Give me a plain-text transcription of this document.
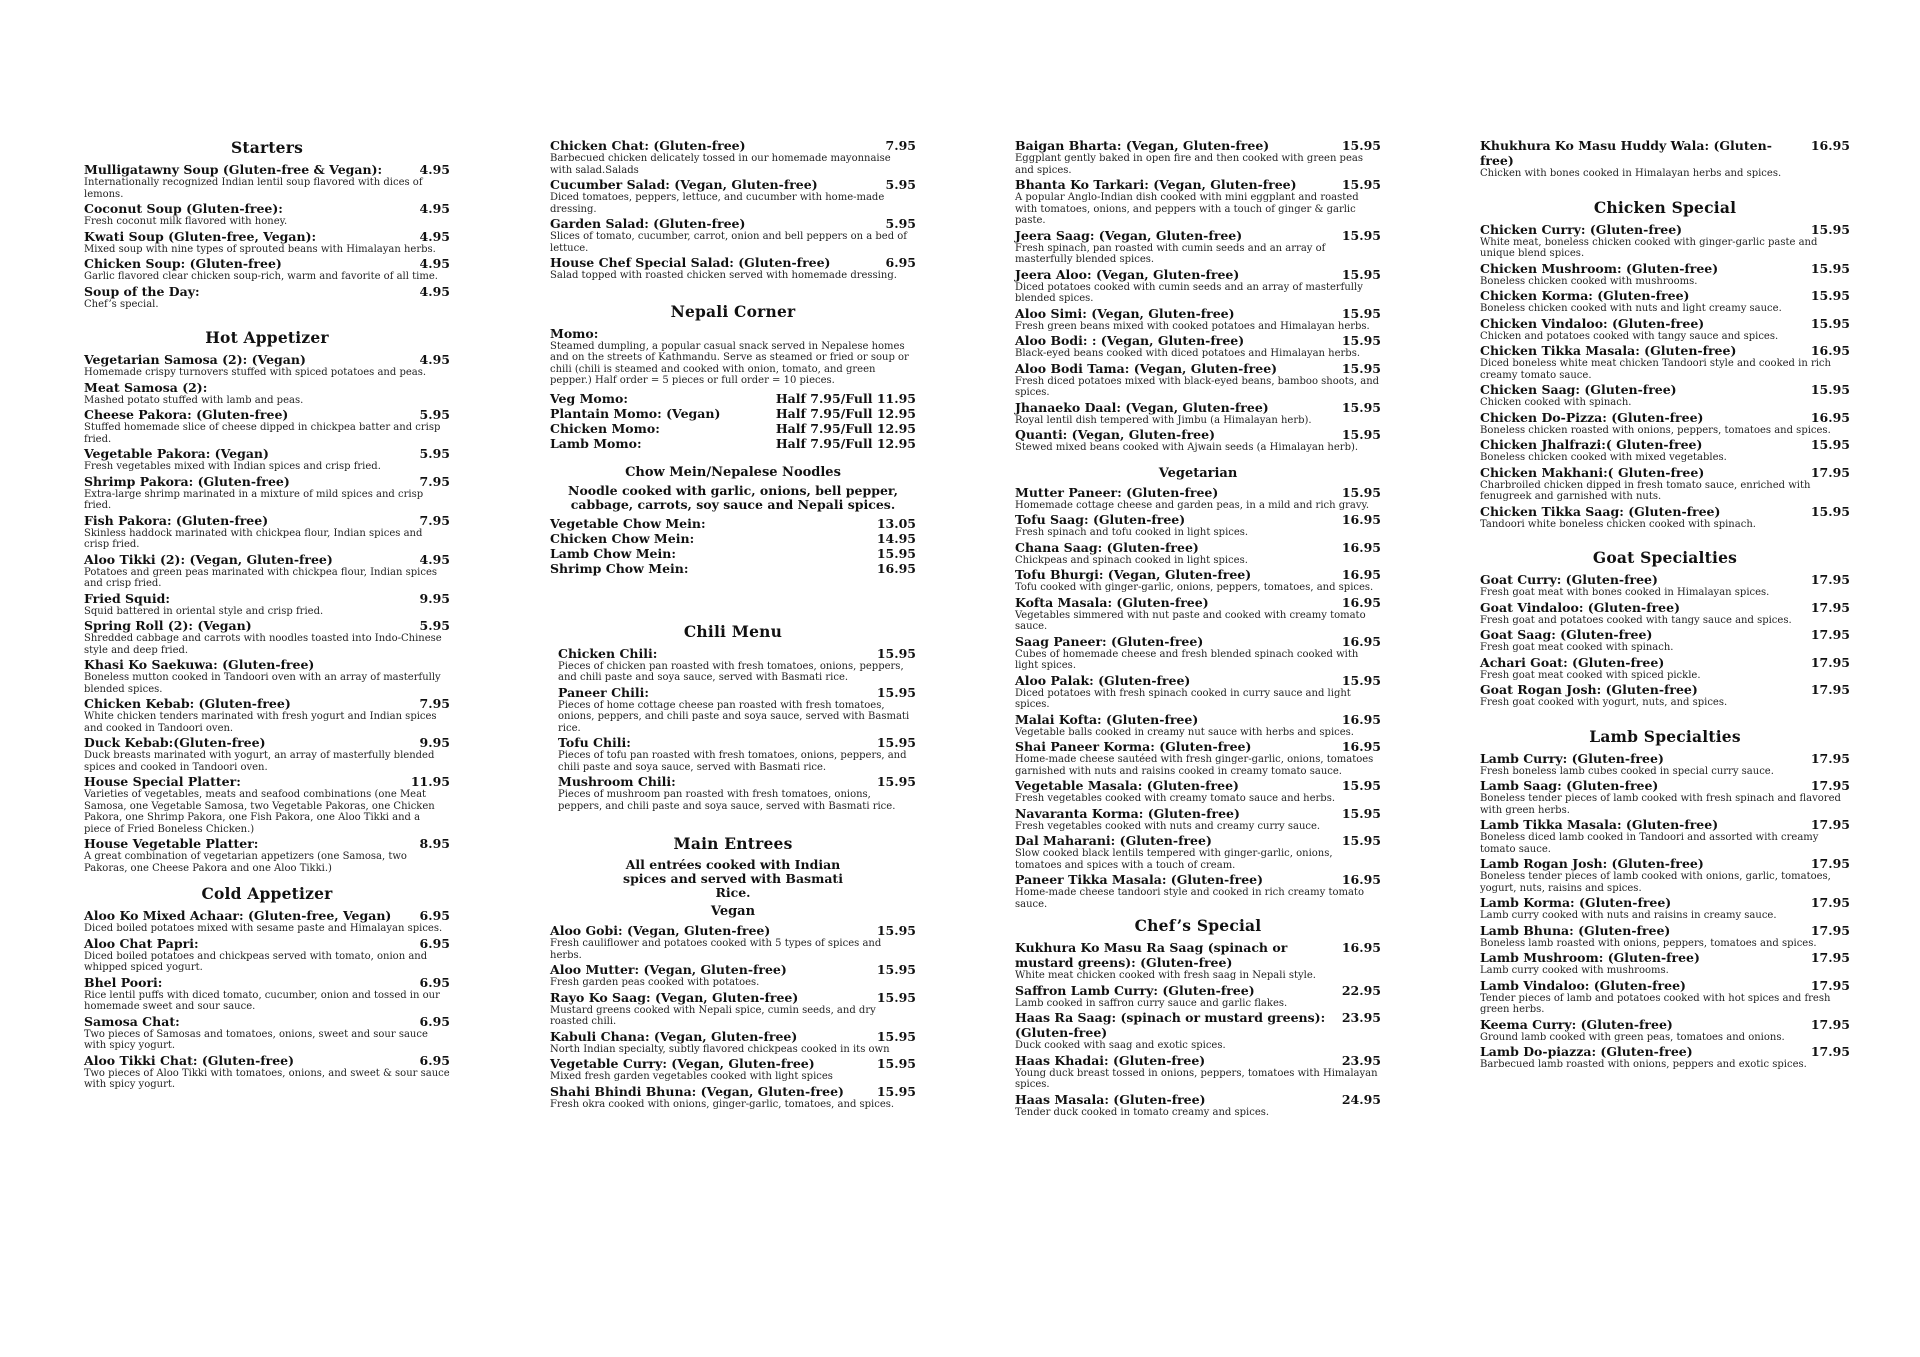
Starters
Mulligatawny Soup (Gluten-free & Vegan):	4.95
Internationally recognized Indian lentil soup flavored with dices of lemons.
Coconut Soup (Gluten-free):	4.95
Fresh coconut milk flavored with honey.
Kwati Soup (Gluten-free, Vegan):	4.95
Mixed soup with nine types of sprouted beans with Himalayan herbs.
Chicken Soup: (Gluten-free)	4.95
Garlic flavored clear chicken soup-rich, warm and favorite of all time.
Soup of the Day:	4.95
Chef’s special.
Hot Appetizer
Vegetarian Samosa (2): (Vegan)	4.95
Homemade crispy turnovers stuffed with spiced potatoes and peas.
Meat Samosa (2):
Mashed potato stuffed with lamb and peas.
Cheese Pakora: (Gluten-free)	5.95
Stuffed homemade slice of cheese dipped in chickpea batter and crisp fried.
Vegetable Pakora: (Vegan)	5.95
Fresh vegetables mixed with Indian spices and crisp fried.
Shrimp Pakora: (Gluten-free)	7.95
Extra-large shrimp marinated in a mixture of mild spices and crisp fried.
Fish Pakora: (Gluten-free)	7.95
Skinless haddock marinated with chickpea flour, Indian spices and crisp fried.
Aloo Tikki (2): (Vegan, Gluten-free)	4.95
Potatoes and green peas marinated with chickpea flour, Indian spices and crisp fried.
Fried Squid:	9.95
Squid battered in oriental style and crisp fried.
Spring Roll (2): (Vegan)	5.95
Shredded cabbage and carrots with noodles toasted into Indo-Chinese style and deep fried.
Khasi Ko Saekuwa: (Gluten-free)
Boneless mutton cooked in Tandoori oven with an array of masterfully blended spices.
Chicken Kebab: (Gluten-free)	7.95
White chicken tenders marinated with fresh yogurt and Indian spices and cooked in Tandoori oven.
Duck Kebab:(Gluten-free)	9.95
Duck breasts marinated with yogurt, an array of masterfully blended spices and cooked in Tandoori oven.
House Special Platter:	11.95
Varieties of vegetables, meats and seafood combinations (one Meat Samosa, one Vegetable Samosa, two Vegetable Pakoras, one Chicken Pakora, one Shrimp Pakora, one Fish Pakora, one Aloo Tikki and a piece of Fried Boneless Chicken.)
House Vegetable Platter:	8.95
A great combination of vegetarian appetizers (one Samosa, two Pakoras, one Cheese Pakora and one Aloo Tikki.)
Cold Appetizer
Aloo Ko Mixed Achaar: (Gluten-free, Vegan)	6.95
Diced boiled potatoes mixed with sesame paste and Himalayan spices.
Aloo Chat Papri:	6.95
Diced boiled potatoes and chickpeas served with tomato, onion and whipped spiced yogurt.
Bhel Poori:	6.95
Rice lentil puffs with diced tomato, cucumber, onion and tossed in our homemade sweet and sour sauce.
Samosa Chat:	6.95
Two pieces of Samosas and tomatoes, onions, sweet and sour sauce with spicy yogurt.
Aloo Tikki Chat: (Gluten-free)	6.95
Two pieces of Aloo Tikki with tomatoes, onions, and sweet & sour sauce with spicy yogurt.
Chicken Chat: (Gluten-free)	7.95
Barbecued chicken delicately tossed in our homemade mayonnaise with salad.Salads
Cucumber Salad: (Vegan, Gluten-free)	5.95
Diced tomatoes, peppers, lettuce, and cucumber with home-made dressing.
Garden Salad: (Gluten-free)	5.95
Slices of tomato, cucumber, carrot, onion and bell peppers on a bed of lettuce.
House Chef Special Salad: (Gluten-free)	6.95
Salad topped with roasted chicken served with homemade dressing.
Nepali Corner
Momo:
Steamed dumpling, a popular casual snack served in Nepalese homes and on the streets of Kathmandu. Serve as steamed or fried or soup or chili (chili is steamed and cooked with onion, tomato, and green pepper.) Half order = 5 pieces or full order = 10 pieces.
Veg Momo:	Half 7.95/Full 11.95
Plantain Momo: (Vegan)	Half 7.95/Full 12.95
Chicken Momo:	Half 7.95/Full 12.95
Lamb Momo:	Half 7.95/Full 12.95
Chow Mein/Nepalese Noodles
Noodle cooked with garlic, onions, bell pepper, cabbage, carrots, soy sauce and Nepali spices.
Vegetable Chow Mein:	13.05
Chicken Chow Mein:	14.95
Lamb Chow Mein:	15.95
Shrimp Chow Mein:	16.95
Chili Menu
Chicken Chili:	15.95
Pieces of chicken pan roasted with fresh tomatoes, onions, peppers, and chili paste and soya sauce, served with Basmati rice.
Paneer Chili:	15.95
Pieces of home cottage cheese pan roasted with fresh tomatoes, onions, peppers, and chili paste and soya sauce, served with Basmati rice.
Tofu Chili:	15.95
Pieces of tofu pan roasted with fresh tomatoes, onions, peppers, and chili paste and soya sauce, served with Basmati rice.
Mushroom Chili:	15.95
Pieces of mushroom pan roasted with fresh tomatoes, onions, peppers, and chili paste and soya sauce, served with Basmati rice.
Main Entrees
All entrées cooked with Indian spices and served with Basmati Rice.
Vegan
Aloo Gobi: (Vegan, Gluten-free)	15.95
Fresh cauliflower and potatoes cooked with 5 types of spices and herbs.
Aloo Mutter: (Vegan, Gluten-free)	15.95
Fresh garden peas cooked with potatoes.
Rayo Ko Saag: (Vegan, Gluten-free)	15.95
Mustard greens cooked with Nepali spice, cumin seeds, and dry roasted chili.
Kabuli Chana: (Vegan, Gluten-free)	15.95
North Indian specialty, subtly flavored chickpeas cooked in its own
Vegetable Curry: (Vegan, Gluten-free)	15.95
Mixed fresh garden vegetables cooked with light spices
Shahi Bhindi Bhuna: (Vegan, Gluten-free)	15.95
Fresh okra cooked with onions, ginger-garlic, tomatoes, and spices.
Baigan Bharta: (Vegan, Gluten-free)	15.95
Eggplant gently baked in open fire and then cooked with green peas and spices.
Bhanta Ko Tarkari: (Vegan, Gluten-free)	15.95
A popular Anglo-Indian dish cooked with mini eggplant and roasted with tomatoes, onions, and peppers with a touch of ginger & garlic paste.
Jeera Saag: (Vegan, Gluten-free)	15.95
Fresh spinach, pan roasted with cumin seeds and an array of masterfully blended spices.
Jeera Aloo: (Vegan, Gluten-free)	15.95
Diced potatoes cooked with cumin seeds and an array of masterfully blended spices.
Aloo Simi: (Vegan, Gluten-free)	15.95
Fresh green beans mixed with cooked potatoes and Himalayan herbs.
Aloo Bodi: : (Vegan, Gluten-free)	15.95
Black-eyed beans cooked with diced potatoes and Himalayan herbs.
Aloo Bodi Tama: (Vegan, Gluten-free)	15.95
Fresh diced potatoes mixed with black-eyed beans, bamboo shoots, and spices.
Jhanaeko Daal: (Vegan, Gluten-free)	15.95
Royal lentil dish tempered with Jimbu (a Himalayan herb).
Quanti: (Vegan, Gluten-free)	15.95
Stewed mixed beans cooked with Ajwain seeds (a Himalayan herb).
Vegetarian
Mutter Paneer: (Gluten-free)	15.95
Homemade cottage cheese and garden peas, in a mild and rich gravy.
Tofu Saag: (Gluten-free)	16.95
Fresh spinach and tofu cooked in light spices.
Chana Saag: (Gluten-free)	16.95
Chickpeas and spinach cooked in light spices.
Tofu Bhurgi: (Vegan, Gluten-free)	16.95
Tofu cooked with ginger-garlic, onions, peppers, tomatoes, and spices.
Kofta Masala: (Gluten-free)	16.95
Vegetables simmered with nut paste and cooked with creamy tomato sauce.
Saag Paneer: (Gluten-free)	16.95
Cubes of homemade cheese and fresh blended spinach cooked with light spices.
Aloo Palak: (Gluten-free)	15.95
Diced potatoes with fresh spinach cooked in curry sauce and light spices.
Malai Kofta: (Gluten-free)	16.95
Vegetable balls cooked in creamy nut sauce with herbs and spices.
Shai Paneer Korma: (Gluten-free)	16.95
Home-made cheese sautéed with fresh ginger-garlic, onions, tomatoes garnished with nuts and raisins cooked in creamy tomato sauce.
Vegetable Masala: (Gluten-free)	15.95
Fresh vegetables cooked with creamy tomato sauce and herbs.
Navaranta Korma: (Gluten-free)	15.95
Fresh vegetables cooked with nuts and creamy curry sauce.
Dal Maharani: (Gluten-free)	15.95
Slow cooked black lentils tempered with ginger-garlic, onions, tomatoes and spices with a touch of cream.
Paneer Tikka Masala: (Gluten-free)	16.95
Home-made cheese tandoori style and cooked in rich creamy tomato sauce.
Chef’s Special
Kukhura Ko Masu Ra Saag (spinach or mustard greens): (Gluten-free)
16.95
White meat chicken cooked with fresh saag in Nepali style.
Saffron Lamb Curry: (Gluten-free)	22.95
Lamb cooked in saffron curry sauce and garlic flakes.
Haas Ra Saag: (spinach or mustard greens): (Gluten-free)
23.95
Duck cooked with saag and exotic spices.
Haas Khadai: (Gluten-free)	23.95
Young duck breast tossed in onions, peppers, tomatoes with Himalayan spices.
Haas Masala: (Gluten-free)	24.95
Tender duck cooked in tomato creamy and spices.
Khukhura Ko Masu Huddy Wala: (Gluten-free)
16.95
Chicken with bones cooked in Himalayan herbs and spices.
Chicken Special
Chicken Curry: (Gluten-free)	15.95
White meat, boneless chicken cooked with ginger-garlic paste and unique blend spices.
Chicken Mushroom: (Gluten-free)	15.95
Boneless chicken cooked with mushrooms.
Chicken Korma: (Gluten-free)	15.95
Boneless chicken cooked with nuts and light creamy sauce.
Chicken Vindaloo: (Gluten-free)	15.95
Chicken and potatoes cooked with tangy sauce and spices.
Chicken Tikka Masala: (Gluten-free)	16.95
Diced boneless white meat chicken Tandoori style and cooked in rich creamy tomato sauce.
Chicken Saag: (Gluten-free)	15.95
Chicken cooked with spinach.
Chicken Do-Pizza: (Gluten-free)	16.95
Boneless chicken roasted with onions, peppers, tomatoes and spices.
Chicken Jhalfrazi:( Gluten-free)	15.95
Boneless chicken cooked with mixed vegetables.
Chicken Makhani:( Gluten-free)	17.95
Charbroiled chicken dipped in fresh tomato sauce, enriched with fenugreek and garnished with nuts.
Chicken Tikka Saag: (Gluten-free)	15.95
Tandoori white boneless chicken cooked with spinach.
Goat Specialties
Goat Curry: (Gluten-free)	17.95
Fresh goat meat with bones cooked in Himalayan spices.
Goat Vindaloo: (Gluten-free)	17.95
Fresh goat and potatoes cooked with tangy sauce and spices.
Goat Saag: (Gluten-free)	17.95
Fresh goat meat cooked with spinach.
Achari Goat: (Gluten-free)	17.95
Fresh goat meat cooked with spiced pickle.
Goat Rogan Josh: (Gluten-free)	17.95
Fresh goat cooked with yogurt, nuts, and spices.
Lamb Specialties
Lamb Curry: (Gluten-free)	17.95
Fresh boneless lamb cubes cooked in special curry sauce.
Lamb Saag: (Gluten-free)	17.95
Boneless tender pieces of lamb cooked with fresh spinach and flavored with green herbs.
Lamb Tikka Masala: (Gluten-free)	17.95
Boneless diced lamb cooked in Tandoori and assorted with creamy tomato sauce.
Lamb Rogan Josh: (Gluten-free)	17.95
Boneless tender pieces of lamb cooked with onions, garlic, tomatoes, yogurt, nuts, raisins and spices.
Lamb Korma: (Gluten-free)	17.95
Lamb curry cooked with nuts and raisins in creamy sauce.
Lamb Bhuna: (Gluten-free)	17.95
Boneless lamb roasted with onions, peppers, tomatoes and spices.
Lamb Mushroom: (Gluten-free)	17.95
Lamb curry cooked with mushrooms.
Lamb Vindaloo: (Gluten-free)	17.95
Tender pieces of lamb and potatoes cooked with hot spices and fresh green herbs.
Keema Curry: (Gluten-free)	17.95
Ground lamb cooked with green peas, tomatoes and onions.
Lamb Do-piazza: (Gluten-free)	17.95
Barbecued lamb roasted with onions, peppers and exotic spices.
